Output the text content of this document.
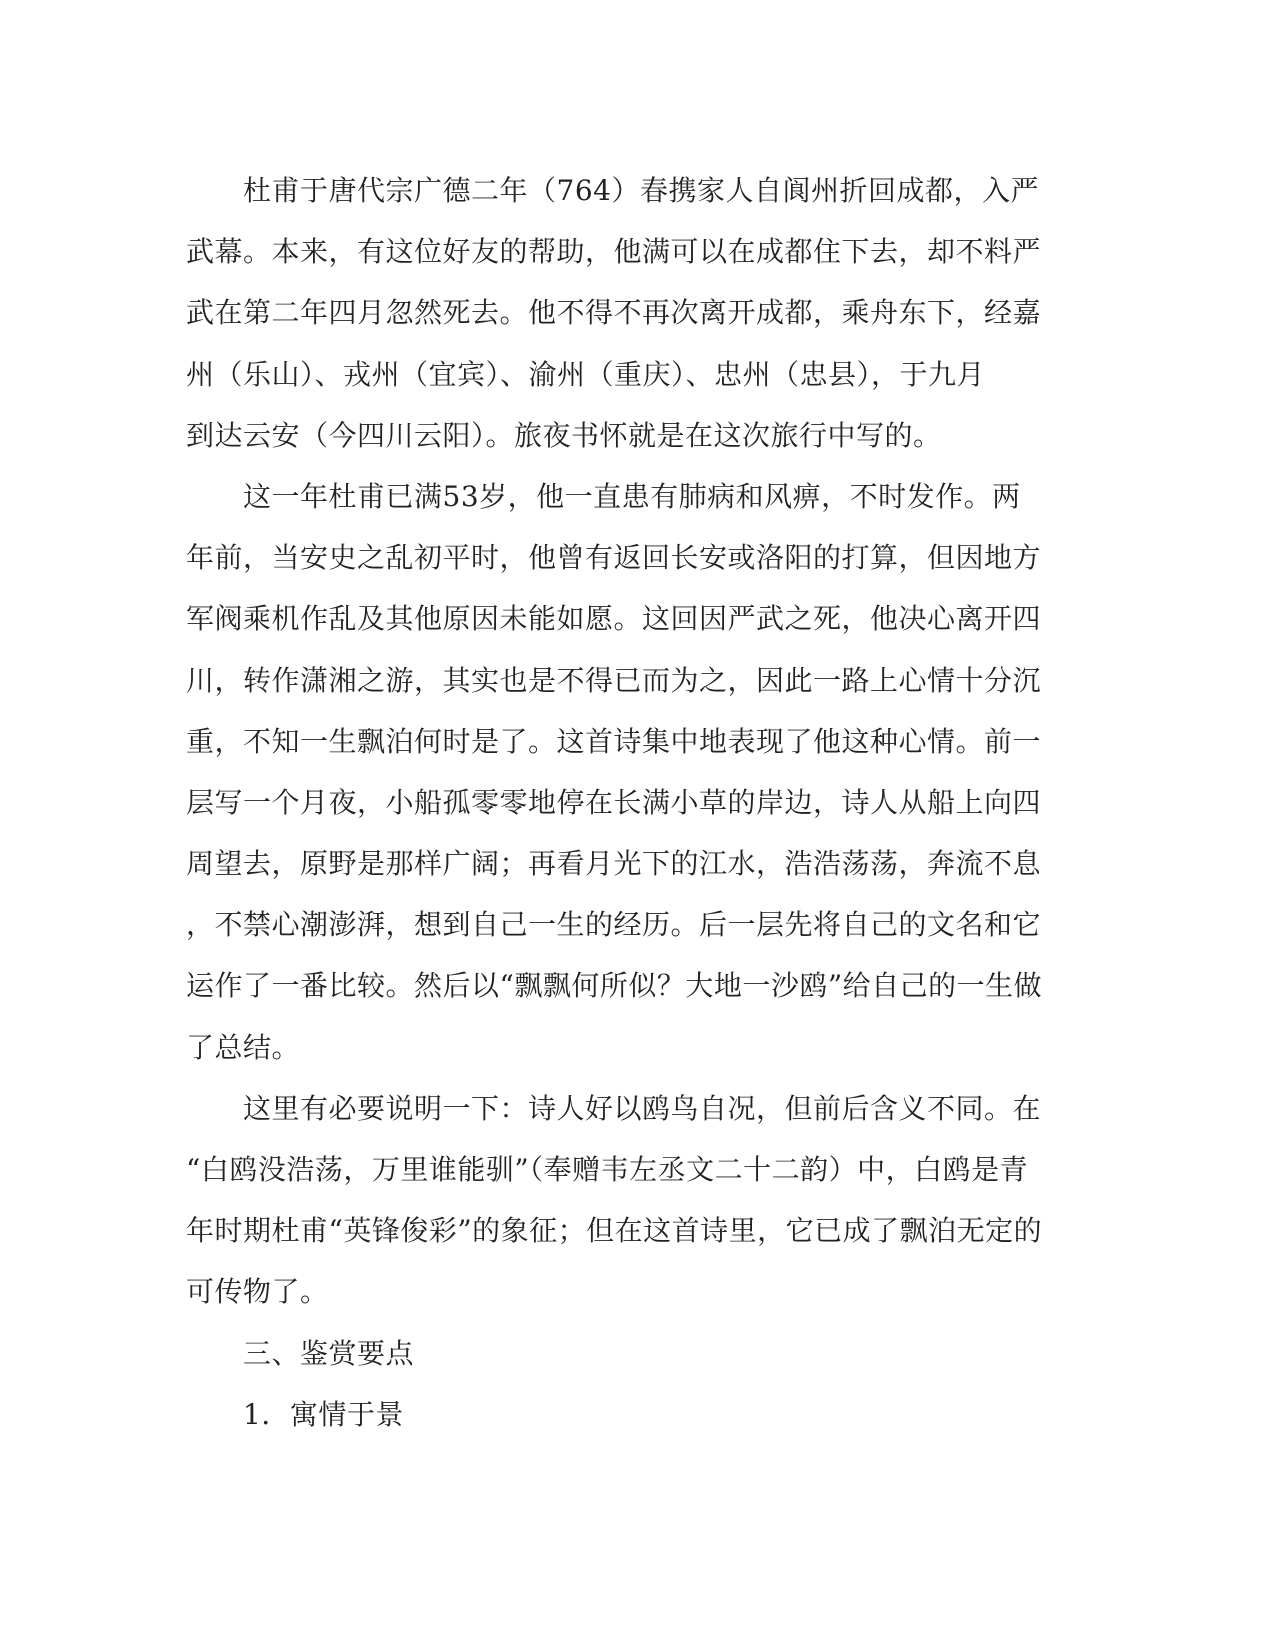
　　杜甫于唐代宗广德二年（764）春携家人自阆州折回成都，入严
武幕。本来，有这位好友的帮助，他满可以在成都住下去，却不料严
武在第二年四月忽然死去。他不得不再次离开成都，乘舟东下，经嘉
州（乐山）、戎州（宜宾）、渝州（重庆）、忠州（忠县），于九月
到达云安（今四川云阳）。旅夜书怀就是在这次旅行中写的。
　　这一年杜甫已满53岁，他一直患有肺病和风痹，不时发作。两
年前，当安史之乱初平时，他曾有返回长安或洛阳的打算，但因地方
军阀乘机作乱及其他原因未能如愿。这回因严武之死，他决心离开四
川，转作潇湘之游，其实也是不得已而为之，因此一路上心情十分沉
重，不知一生飘泊何时是了。这首诗集中地表现了他这种心情。前一
层写一个月夜，小船孤零零地停在长满小草的岸边，诗人从船上向四
周望去，原野是那样广阔；再看月光下的江水，浩浩荡荡，奔流不息
，不禁心潮澎湃，想到自己一生的经历。后一层先将自己的文名和它
运作了一番比较。然后以“飘飘何所似？大地一沙鸥”给自己的一生做
了总结。
　　这里有必要说明一下：诗人好以鸥鸟自况，但前后含义不同。在
“白鸥没浩荡，万里谁能驯”（奉赠韦左丞文二十二韵）中，白鸥是青
年时期杜甫“英锋俊彩”的象征；但在这首诗里，它已成了飘泊无定的
可传物了。
　　三、鉴赏要点
　　1．寓情于景
